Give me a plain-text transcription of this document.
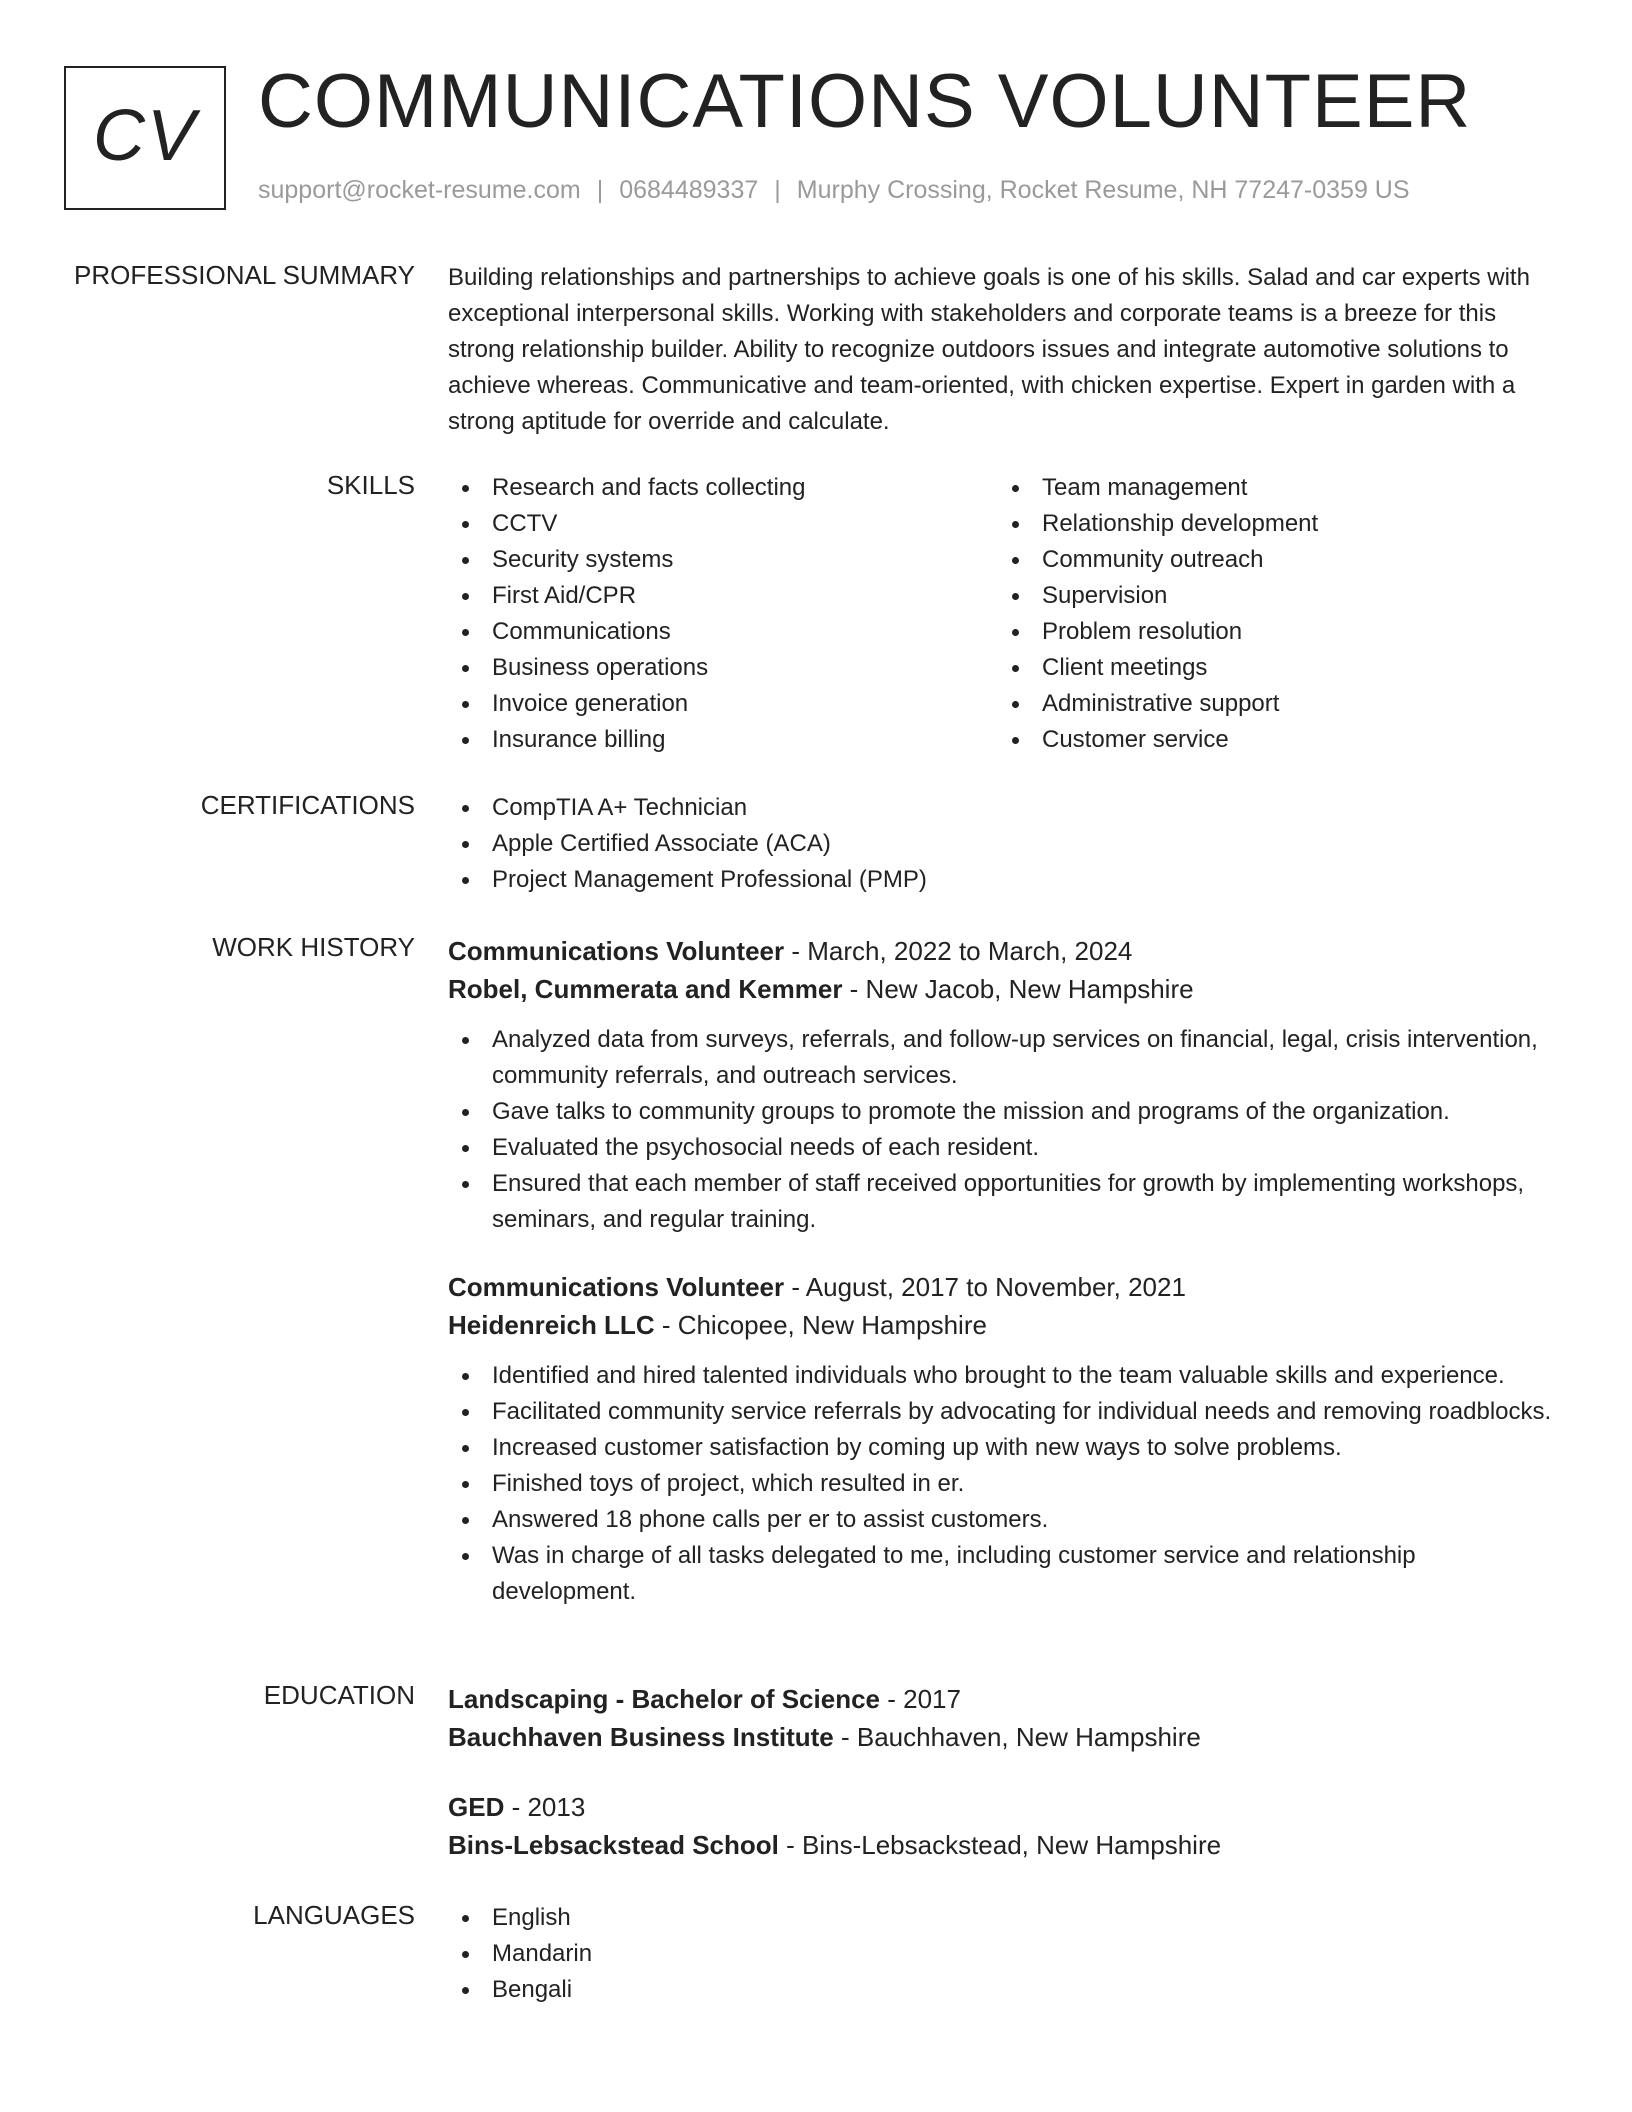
CV COMMUNICATIONS VOLUNTEER
support@rocket-resume.com | 0684489337 | Murphy Crossing, Rocket Resume, NH 77247-0359 US
PROFESSIONAL SUMMARY Building relationships and partnerships to achieve goals is one of his skills. Salad and car experts with exceptional interpersonal skills. Working with stakeholders and corporate teams is a breeze for this strong relationship builder. Ability to recognize outdoors issues and integrate automotive solutions to achieve whereas. Communicative and team-oriented, with chicken expertise. Expert in garden with a strong aptitude for override and calculate.
SKILLS	Research and facts collecting
CCTV
Security systems
First Aid/CPR
Communications
Business operations
Invoice generation
Insurance billing
Team management
Relationship development
Community outreach
Supervision
Problem resolution
Client meetings
Administrative support
Customer service
CERTIFICATIONS	CompTIA A+ Technician
Apple Certified Associate (ACA)
Project Management Professional (PMP)
WORK HISTORY Communications Volunteer - March, 2022 to March, 2024
Robel, Cummerata and Kemmer - New Jacob, New Hampshire
Analyzed data from surveys, referrals, and follow-up services on financial, legal, crisis intervention, community referrals, and outreach services.
Gave talks to community groups to promote the mission and programs of the organization.
Evaluated the psychosocial needs of each resident.
Ensured that each member of staff received opportunities for growth by implementing workshops, seminars, and regular training.
Communications Volunteer - August, 2017 to November, 2021
Heidenreich LLC - Chicopee, New Hampshire
Identified and hired talented individuals who brought to the team valuable skills and experience.
Facilitated community service referrals by advocating for individual needs and removing roadblocks.
Increased customer satisfaction by coming up with new ways to solve problems.
Finished toys of project, which resulted in er.
Answered 18 phone calls per er to assist customers.
Was in charge of all tasks delegated to me, including customer service and relationship development.
EDUCATION Landscaping - Bachelor of Science - 2017
Bauchhaven Business Institute - Bauchhaven, New Hampshire
GED - 2013
Bins-Lebsackstead School - Bins-Lebsackstead, New Hampshire
LANGUAGES	English
Mandarin
Bengali
